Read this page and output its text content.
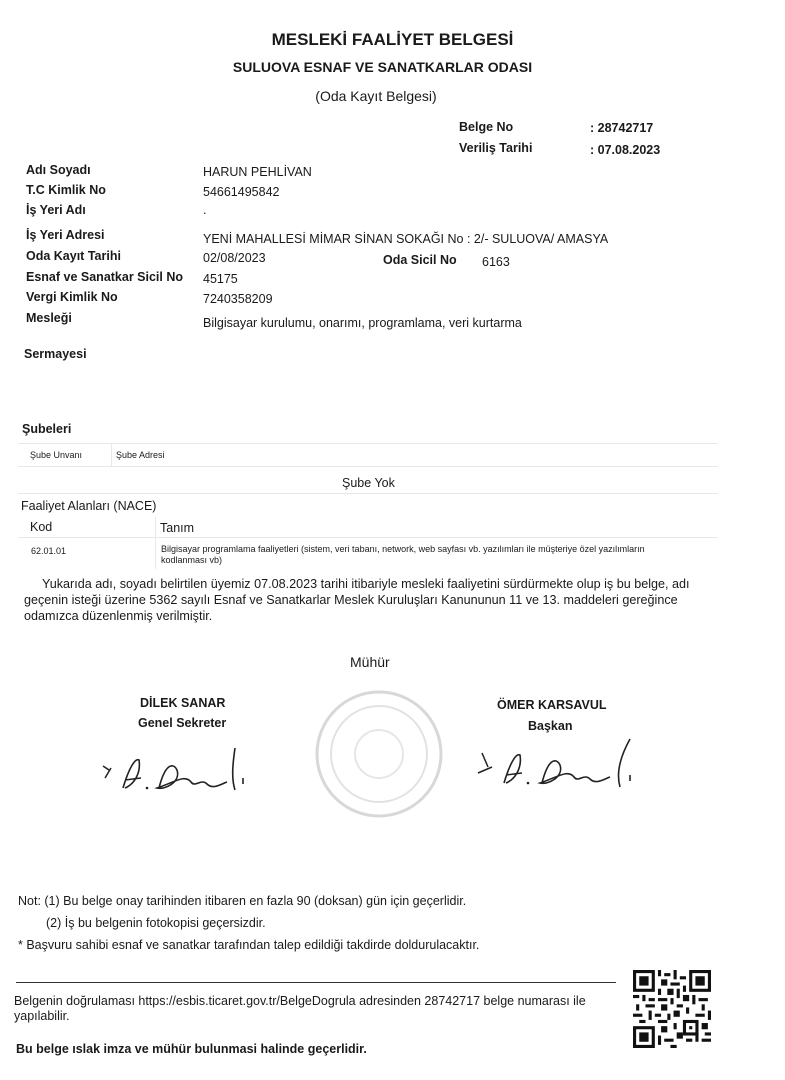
MESLEKİ FAALİYET BELGESİ
SULUOVA ESNAF VE SANATKARLAR ODASI
(Oda Kayıt Belgesi)
Belge No	: 28742717
Veriliş Tarihi	: 07.08.2023
Adı Soyadı	HARUN PEHLİVAN
T.C Kimlik No	54661495842
İş Yeri Adı	.
İş Yeri Adresi	YENİ MAHALLESİ MİMAR SİNAN SOKAĞI No : 2/- SULUOVA/ AMASYA
Oda Kayıt Tarihi	02/08/2023	Oda Sicil No 6163
Esnaf ve Sanatkar Sicil No 45175
Vergi Kimlik No	7240358209
Mesleği	Bilgisayar kurulumu, onarımı, programlama, veri kurtarma
Sermayesi
Şubeleri
Şube Unvanı	Şube Adresi
Şube Yok
Faaliyet Alanları (NACE)
Kod	Tanım
62.01.01	Bilgisayar programlama faaliyetleri (sistem, veri tabanı, network, web sayfası vb. yazılımları ile müşteriye özel yazılımların
kodlanması vb)
Yukarıda adı, soyadı belirtilen üyemiz 07.08.2023 tarihi itibariyle mesleki faaliyetini sürdürmekte olup iş bu belge, adı geçenin isteği üzerine 5362 sayılı Esnaf ve Sanatkarlar Meslek Kuruluşları Kanununun 11 ve 13. maddeleri gereğince odamızca düzenlenmiş verilmiştir.
Mühür
DİLEK SANAR
Genel Sekreter
ÖMER KARSAVUL
Başkan
Not: (1) Bu belge onay tarihinden itibaren en fazla 90 (doksan) gün için geçerlidir.
(2) İş bu belgenin fotokopisi geçersizdir.
* Başvuru sahibi esnaf ve sanatkar tarafından talep edildiği takdirde doldurulacaktır.
Belgenin doğrulaması https://esbis.ticaret.gov.tr/BelgeDogrula adresinden 28742717 belge numarası ile
yapılabilir.
Bu belge ıslak imza ve mühür bulunmasi halinde geçerlidir.
